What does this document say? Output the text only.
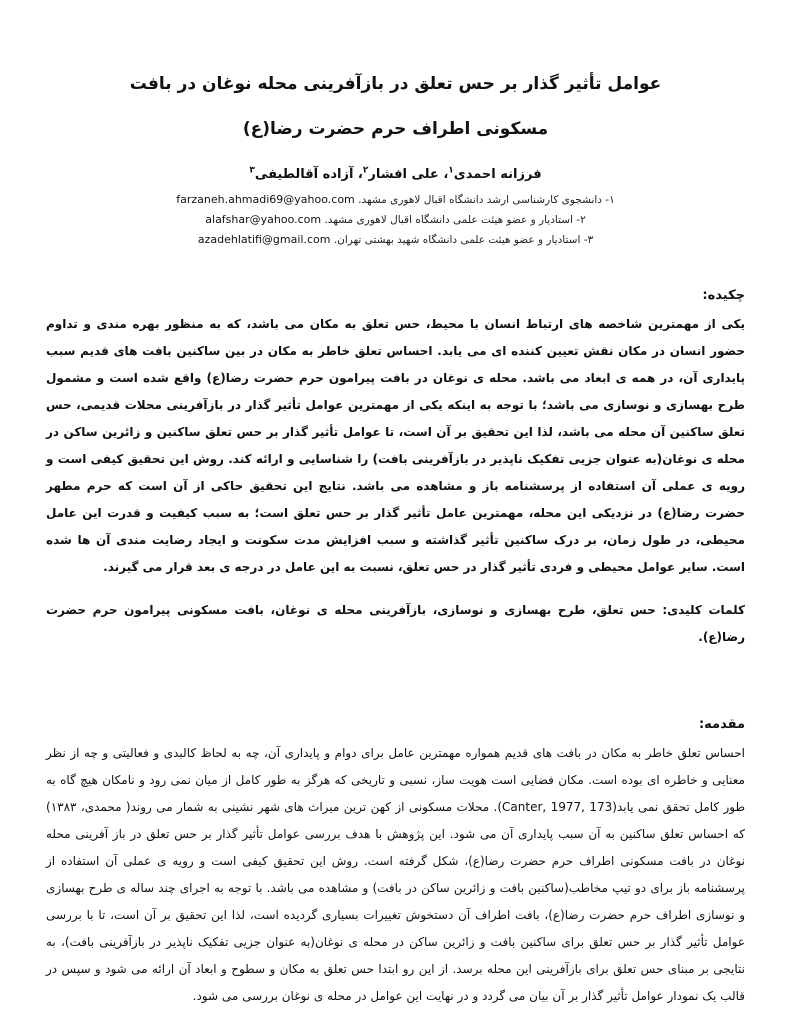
عوامل تأثیر گذار بر حس تعلق در بازآفرینی محله نوغان در بافت
مسکونی اطراف حرم حضرت رضا(ع)
فرزانه احمدی$^۱$، علی افشار$^۲$، آزاده آقالطیفی$^۳$
۱- دانشجوی کارشناسی ارشد دانشگاه اقبال لاهوری مشهد. farzaneh.ahmadi69@yahoo.com
۲- استادیار و عضو هیئت علمی دانشگاه اقبال لاهوری مشهد. alafshar@yahoo.com
۳- استادیار و عضو هیئت علمی دانشگاه شهید بهشتی تهران. azadehlatifi@gmail.com
چکیده:

یکی از مهمترین شاخصه های ارتباط انسان با محیط، حس تعلق به مکان می باشد، که به منظور بهره مندی و تداوم حضور انسان در مکان نقش تعیین کننده ای می یابد. احساس تعلق خاطر به مکان در بین ساکنین بافت های قدیم سبب پایداری آن، در همه ی ابعاد می باشد. محله ی نوغان در بافت پیرامون حرم حضرت رضا(ع) واقع شده است و مشمول طرح بهسازی و نوسازی می باشد؛ با توجه به اینکه یکی از مهمترین عوامل تأثیر گذار در بازآفرینی محلات قدیمی، حس تعلق ساکنین آن محله می باشد، لذا این تحقیق بر آن است، تا عوامل تأثیر گذار بر حس تعلق ساکنین و زائرین ساکن در محله ی نوغان(به عنوان جزیی تفکیک ناپذیر در بازآفرینی بافت) را شناسایی و ارائه کند. روش این تحقیق کیفی است و رویه ی عملی آن استفاده از پرسشنامه باز و مشاهده می باشد. نتایج این تحقیق حاکی از آن است که حرم مطهر حضرت رضا(ع) در نزدیکی این محله، مهمترین عامل تأثیر گذار بر حس تعلق است؛ به سبب کیفیت و قدرت این عامل محیطی، در طول زمان، بر درک ساکنین تأثیر گذاشته و سبب افزایش مدت سکونت و ایجاد رضایت مندی آن ها شده است. سایر عوامل محیطی و فردی تأثیر گذار در حس تعلق، نسبت به این عامل در درجه ی بعد قرار می گیرند.

کلمات کلیدی: حس تعلق، طرح بهسازی و نوسازی، بازآفرینی محله ی نوغان، بافت مسکونی پیرامون حرم حضرت رضا(ع).

مقدمه:

احساس تعلق خاطر به مکان در بافت های قدیم همواره مهمترین عامل برای دوام و پایداری آن، چه به لحاظ کالبدی و فعالیتی و چه از نظر معنایی و خاطره ای بوده است. مکان فضایی است هویت ساز، نسبی و تاریخی که هرگز به طور کامل از میان نمی رود و نامکان هیچ گاه به طور کامل تحقق نمی یابد⁦(Canter, 1977, 173)⁩. محلات مسکونی از کهن ترین میراث های شهر نشینی به شمار می روند( محمدی، ۱۳۸۳) که احساس تعلق ساکنین به آن سبب پایداری آن می شود. این پژوهش با هدف بررسی عوامل تأثیر گذار بر حس تعلق در باز آفرینی محله نوغان در بافت مسکونی اطراف حرم حضرت رضا(ع)، شکل گرفته است. روش این تحقیق کیفی است و رویه ی عملی آن استفاده از پرسشنامه باز برای دو تیپ مخاطب(ساکنین بافت و زائرین ساکن در بافت) و مشاهده می باشد. با توجه به اجرای چند ساله ی طرح بهسازی و نوسازی اطراف حرم حضرت رضا(ع)، بافت اطراف آن دستخوش تغییرات بسیاری گردیده است، لذا این تحقیق بر آن است، تا با بررسی عوامل تأثیر گذار بر حس تعلق برای ساکنین بافت و زائرین ساکن در محله ی نوغان(به عنوان جزیی تفکیک ناپذیر در بازآفرینی بافت)، به نتایجی بر مبنای حس تعلق برای بازآفرینی این محله برسد. از این رو ابتدا حس تعلق به مکان و سطوح و ابعاد آن ارائه می شود و سپس در قالب یک نمودار عوامل تأثیر گذار بر آن بیان می گردد و در نهایت این عوامل در محله ی نوغان بررسی می شود.
